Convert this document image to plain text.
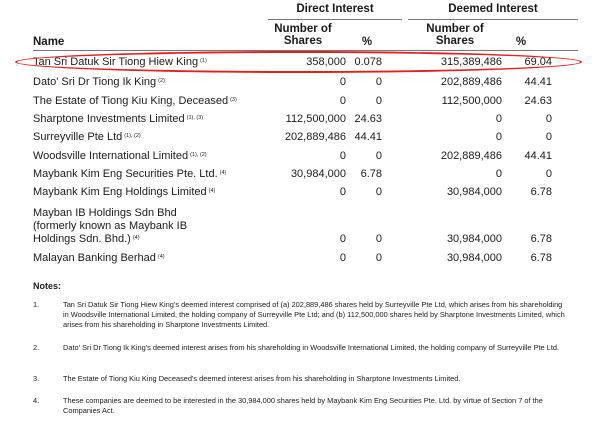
Direct Interest	Deemed Interest
Name
Number of
Shares	%
Number of
Shares	%
Tan Sri Datuk Sir Tiong Hiew King $^{(1)}$	358,000 0.078	315,389,486	69.04
Dato' Sri Dr Tiong Ik King $^{(2)}$	0	0	202,889,486	44.41
The Estate of Tiong Kiu King, Deceased $^{(3)}$	0	0	112,500,000	24.63
Sharptone Investments Limited $^{(1), (3)}$	112,500,000 24.63	0	0
Surreyville Pte Ltd $^{(1), (2)}$	202,889,486 44.41	0	0
Woodsville International Limited $^{(1), (2)}$	0	0	202,889,486	44.41
Maybank Kim Eng Securities Pte. Ltd. $^{(4)}$	30,984,000	6.78	0	0
Maybank Kim Eng Holdings Limited $^{(4)}$	0	0	30,984,000	6.78
Mayban IB Holdings Sdn Bhd (formerly known as Maybank IB Holdings Sdn. Bhd.) $^{(4)}$	0	0	30,984,000	6.78
Malayan Banking Berhad $^{(4)}$	0	0	30,984,000	6.78
Notes:
1.	Tan Sri Datuk Sir Tiong Hiew King's deemed interest comprised of (a) 202,889,486 shares held by Surreyville Pte Ltd, which arises from his shareholding in Woodsville International Limited, the holding company of Surreyville Pte Ltd; and (b) 112,500,000 shares held by Sharptone Investments Limited, which arises from his shareholding in Sharptone Investments Limited.
2.	Dato' Sri Dr Tiong Ik King's deemed interest arises from his shareholding in Woodsville International Limited, the holding company of Surreyville Pte Ltd.
3.	The Estate of Tiong Kiu King Deceased's deemed interest arises from his shareholding in Sharptone Investments Limited.
4.	These companies are deemed to be interested in the 30,984,000 shares held by Maybank Kim Eng Securities Pte. Ltd. by virtue of Section 7 of the Companies Act.
